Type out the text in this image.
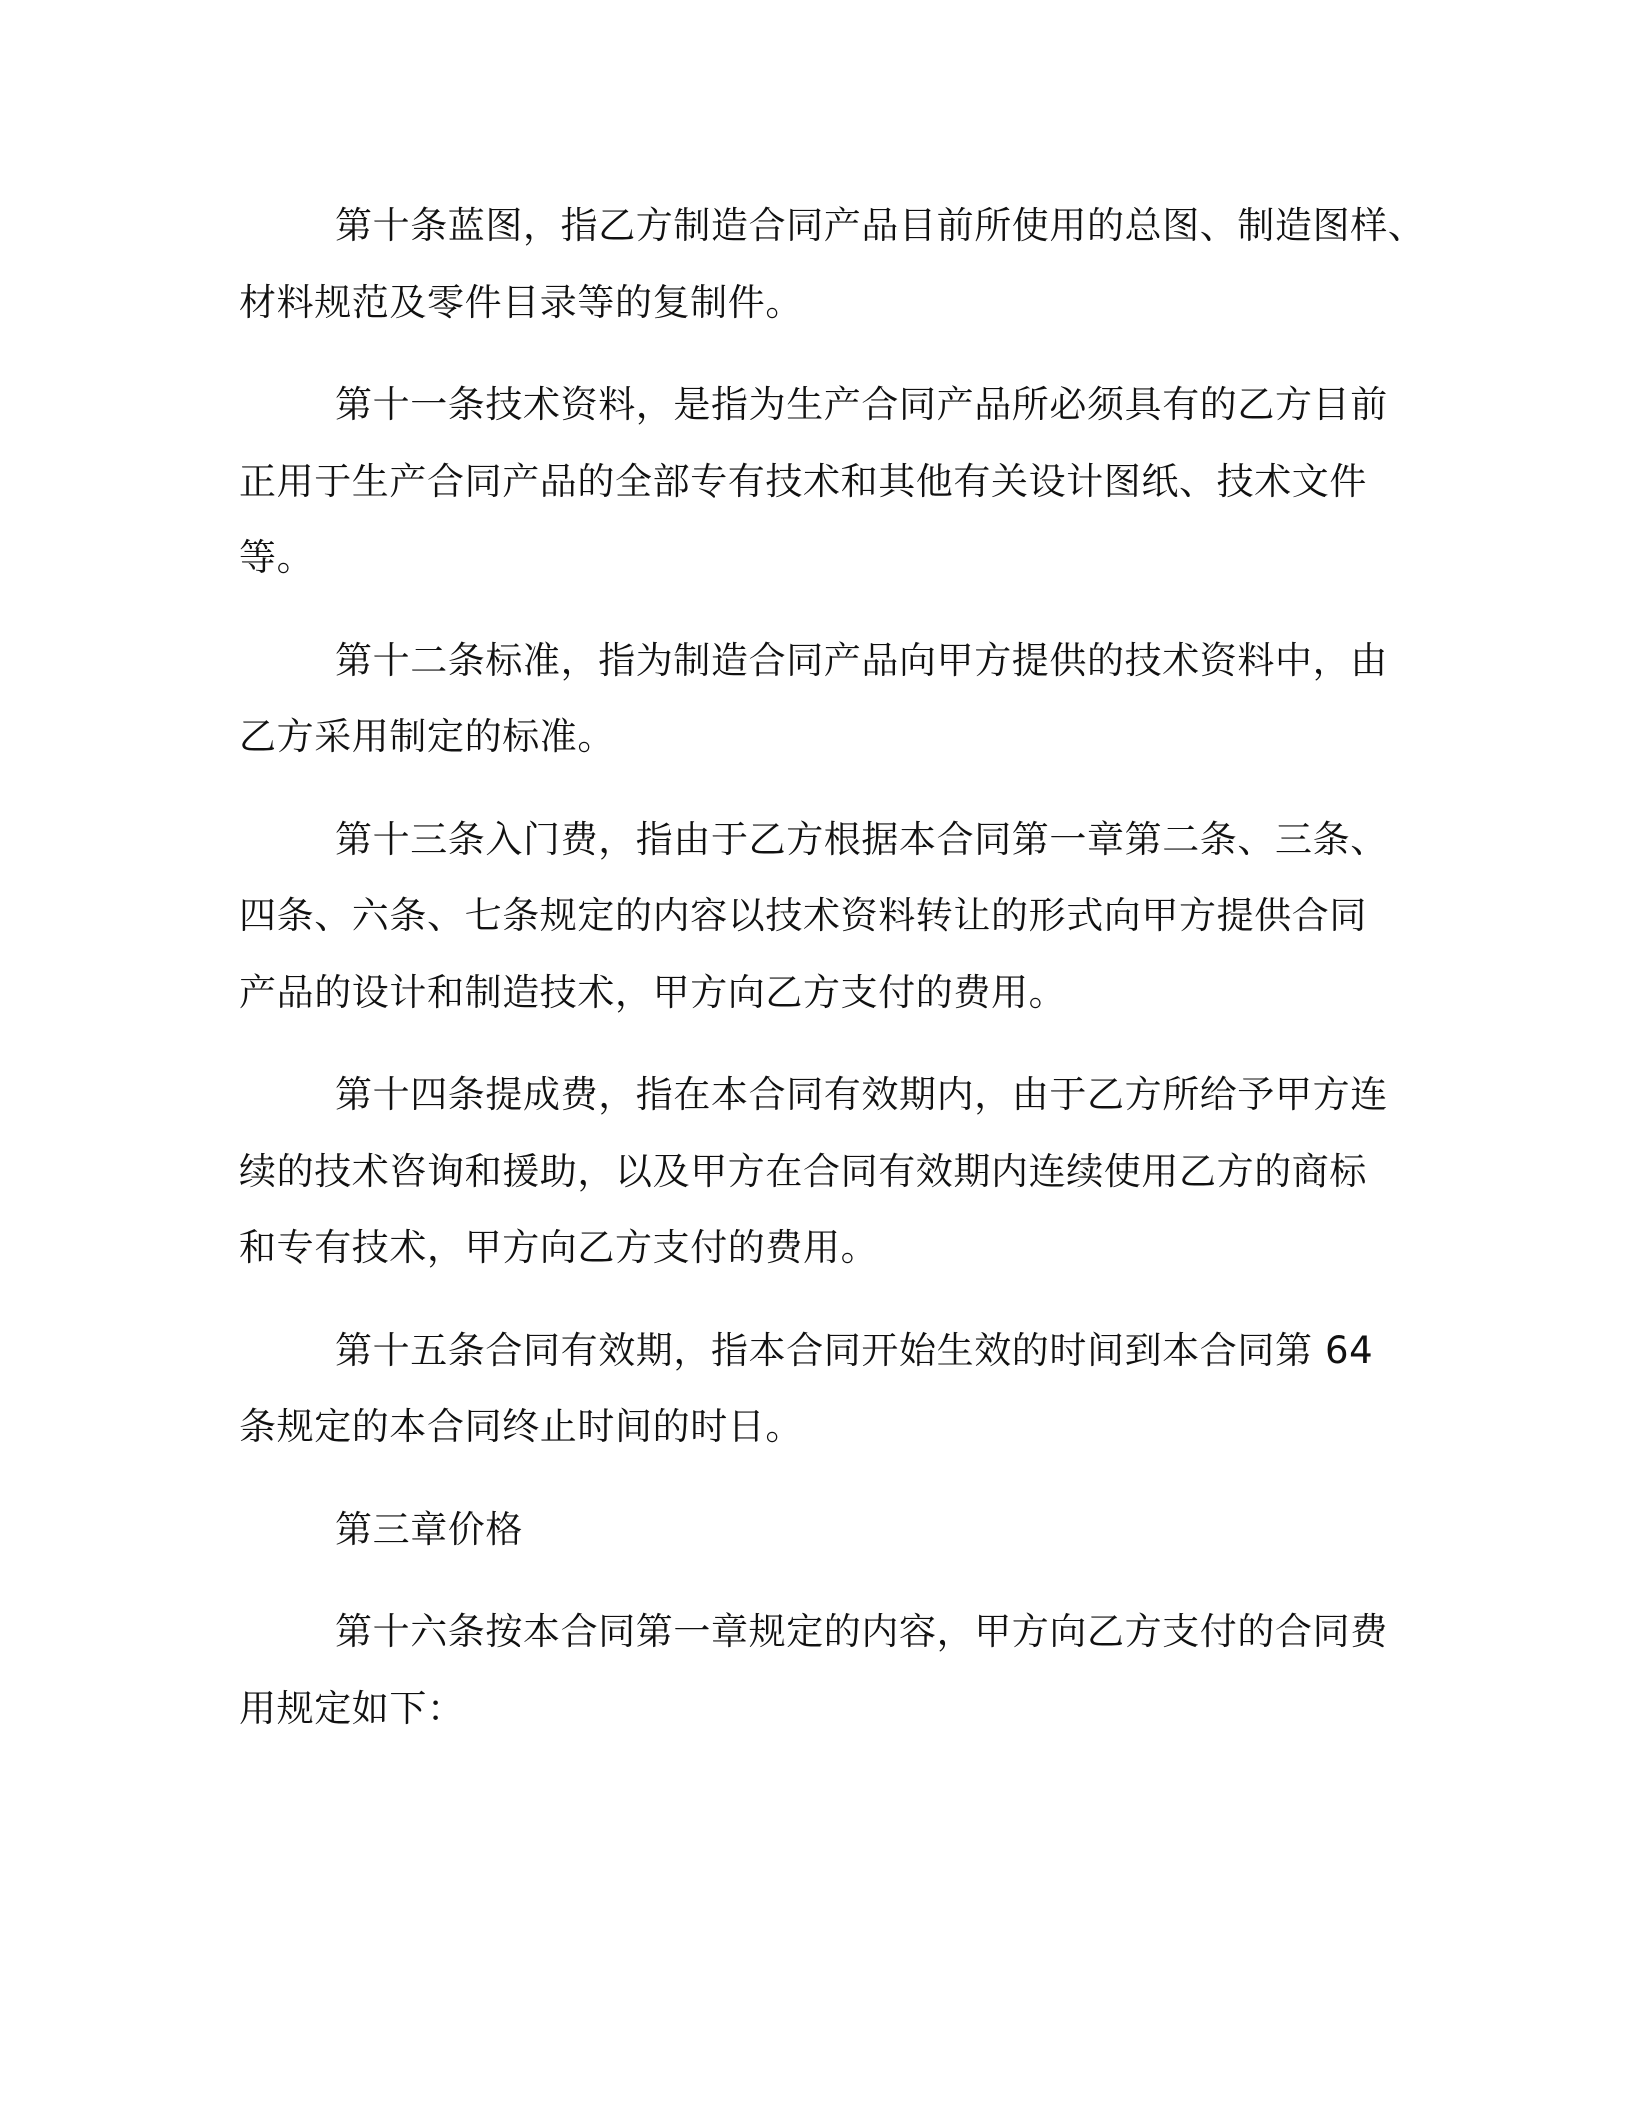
第十条蓝图，指乙方制造合同产品目前所使用的总图、制造图样、
材料规范及零件目录等的复制件。
第十一条技术资料，是指为生产合同产品所必须具有的乙方目前
正用于生产合同产品的全部专有技术和其他有关设计图纸、技术文件
等。
第十二条标准，指为制造合同产品向甲方提供的技术资料中，由
乙方采用制定的标准。
第十三条入门费，指由于乙方根据本合同第一章第二条、三条、
四条、六条、七条规定的内容以技术资料转让的形式向甲方提供合同
产品的设计和制造技术，甲方向乙方支付的费用。
第十四条提成费，指在本合同有效期内，由于乙方所给予甲方连
续的技术咨询和援助，以及甲方在合同有效期内连续使用乙方的商标
和专有技术，甲方向乙方支付的费用。
第十五条合同有效期，指本合同开始生效的时间到本合同第 64
条规定的本合同终止时间的时日。
第三章价格
第十六条按本合同第一章规定的内容，甲方向乙方支付的合同费
用规定如下：
